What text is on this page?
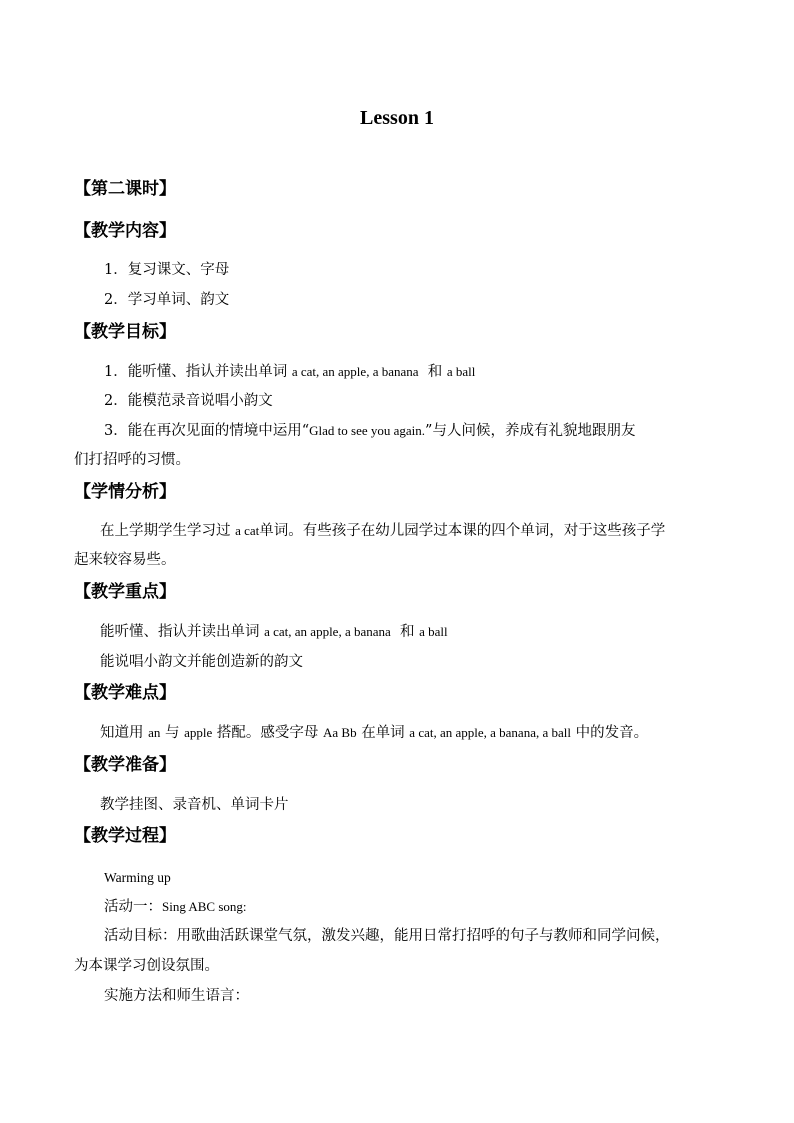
Lesson 1
【第二课时】
【教学内容】
1．复习课文、字母
2．学习单词、韵文
【教学目标】
1．能听懂、指认并读出单词 a cat, an apple, a banana 和 a ball
2．能模范录音说唱小韵文
3．能在再次见面的情境中运用“Glad to see you again.”与人问候，养成有礼貌地跟朋友
们打招呼的习惯。
【学情分析】
在上学期学生学习过 a cat单词。有些孩子在幼儿园学过本课的四个单词，对于这些孩子学
起来较容易些。
【教学重点】
能听懂、指认并读出单词 a cat, an apple, a banana 和 a ball
能说唱小韵文并能创造新的韵文
【教学难点】
知道用 an 与 apple 搭配。感受字母 Aa Bb 在单词 a cat, an apple, a banana, a ball 中的发音。
【教学准备】
教学挂图、录音机、单词卡片
【教学过程】
Warming up
活动一：Sing ABC song:
活动目标：用歌曲活跃课堂气氛，激发兴趣，能用日常打招呼的句子与教师和同学问候，
为本课学习创设氛围。
实施方法和师生语言：
